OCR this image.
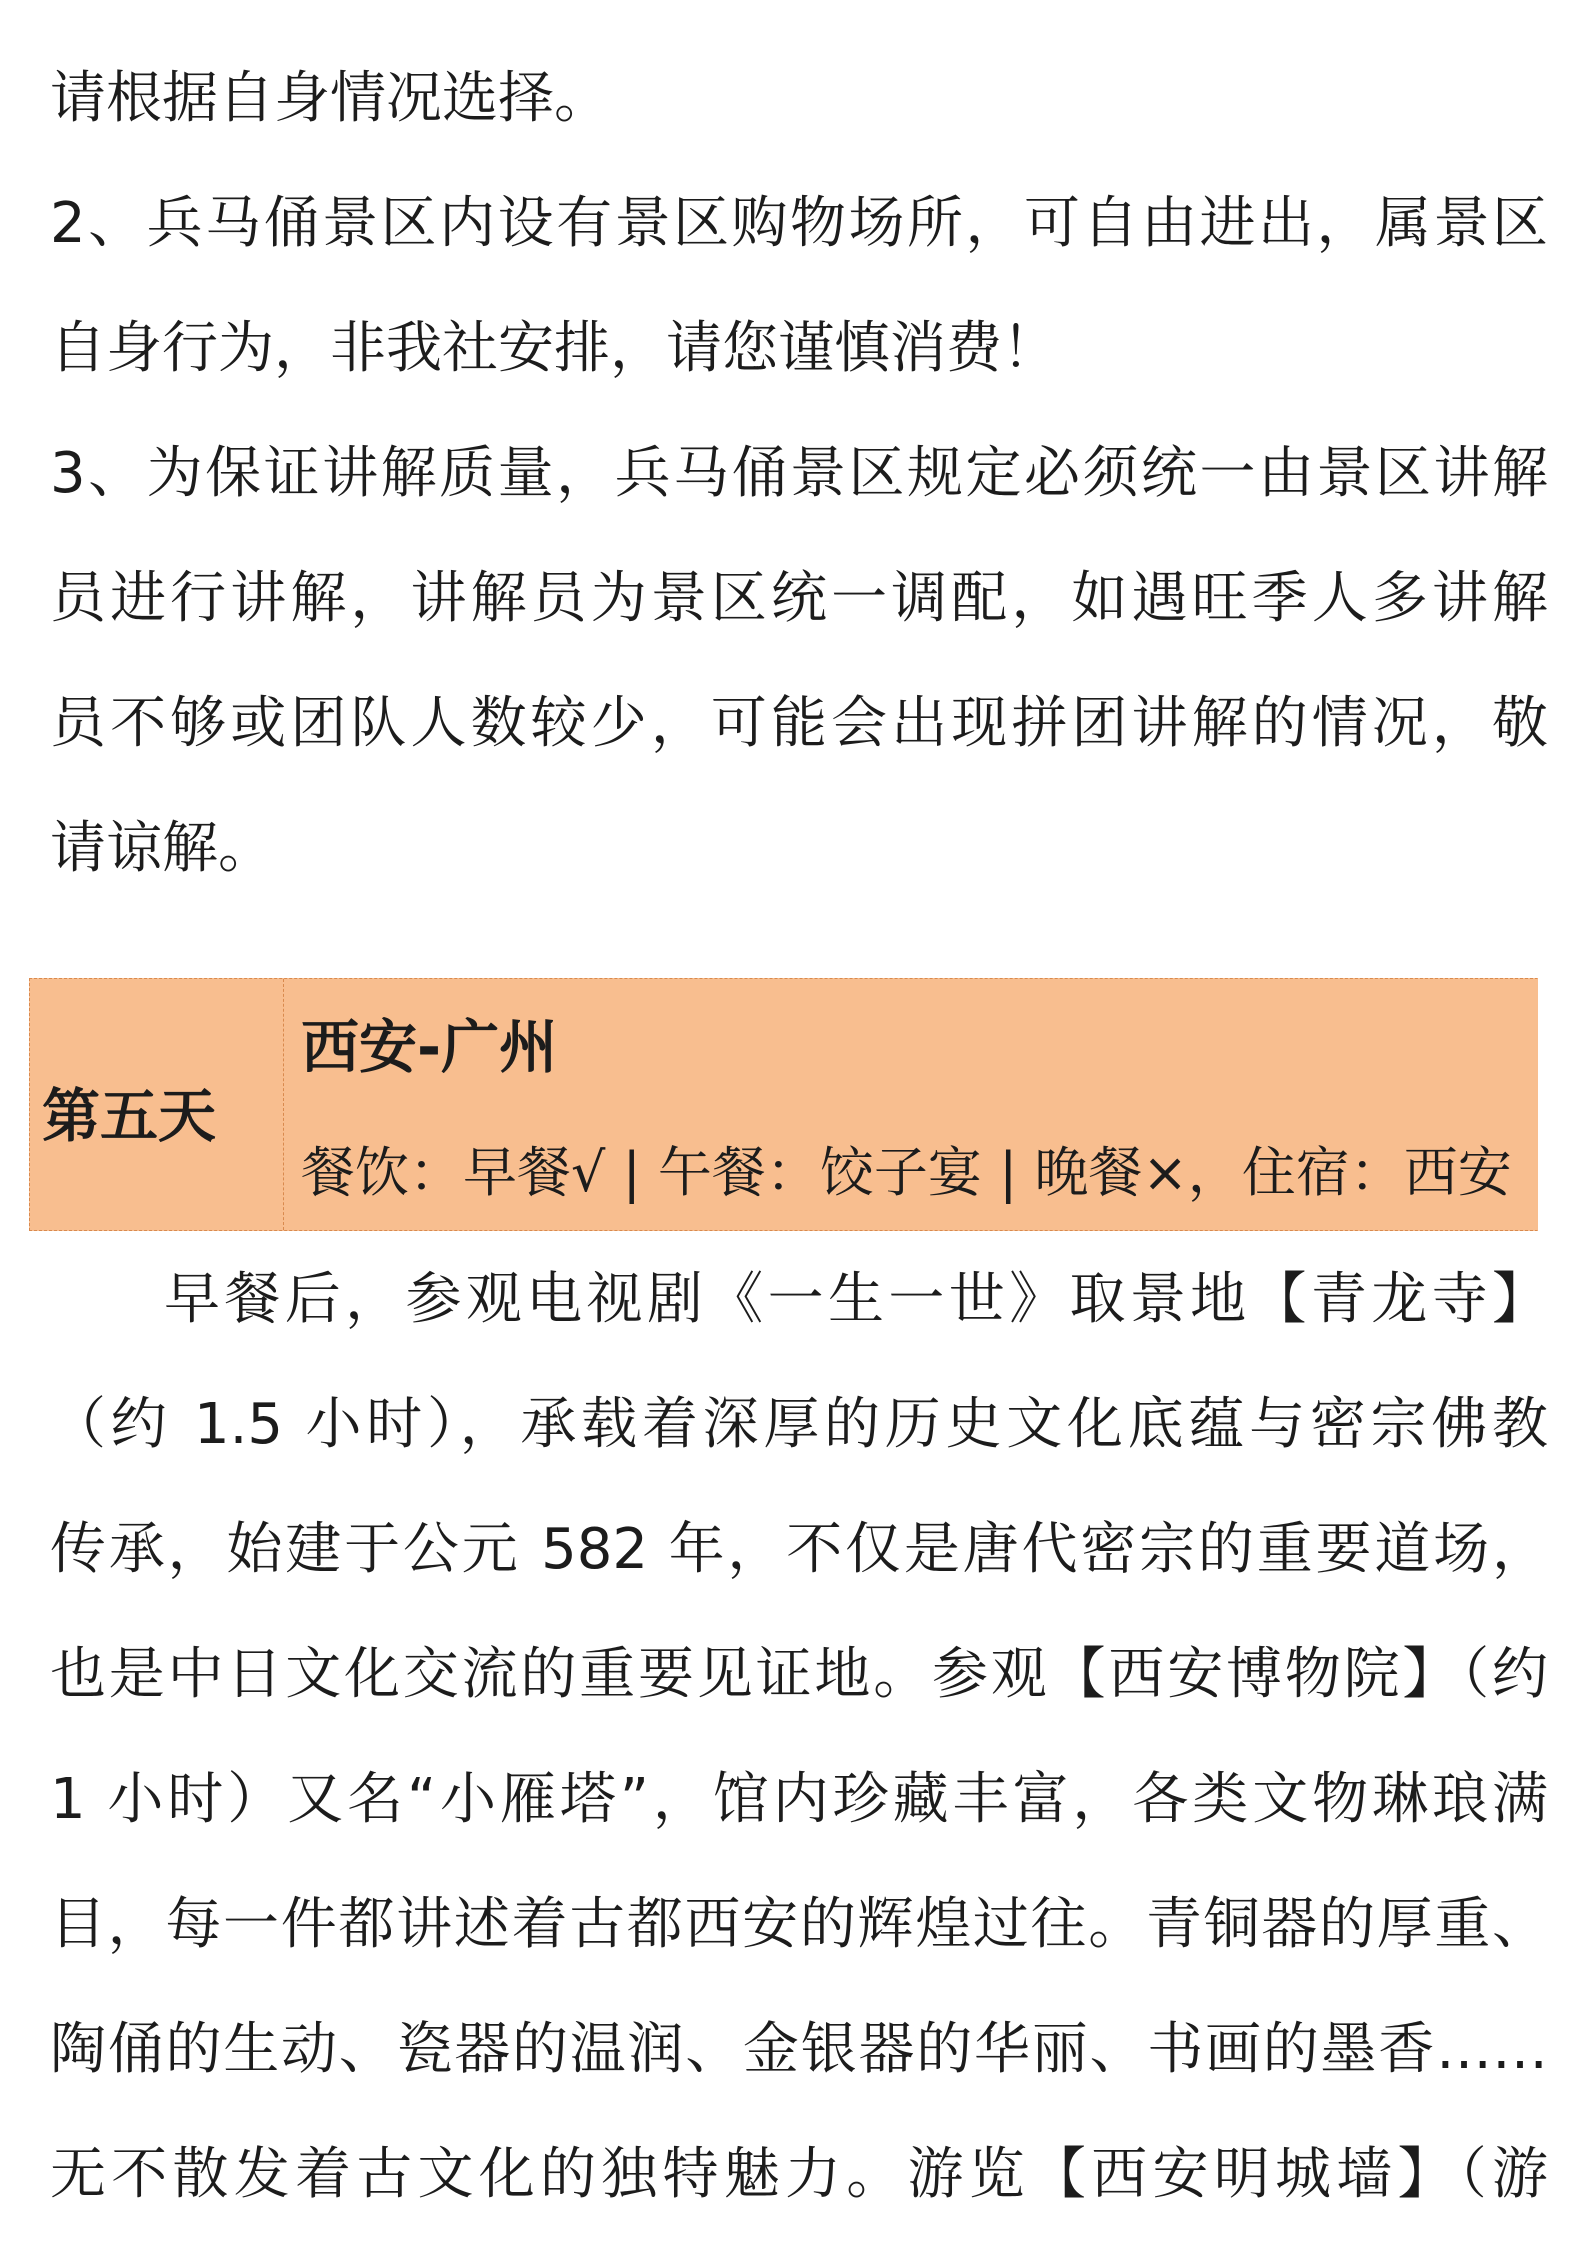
请根据自身情况选择。
2、兵马俑景区内设有景区购物场所，可自由进出，属景区
自身行为，非我社安排，请您谨慎消费！
3、为保证讲解质量，兵马俑景区规定必须统一由景区讲解
员进行讲解，讲解员为景区统一调配，如遇旺季人多讲解
员不够或团队人数较少，可能会出现拼团讲解的情况，敬
请谅解。
第五天
西安-广州
餐饮：早餐√ | 午餐：饺子宴 | 晚餐×，住宿：西安
早餐后，参观电视剧《一生一世》取景地【青龙寺】
（约 1.5 小时），承载着深厚的历史文化底蕴与密宗佛教
传承，始建于公元 582 年，不仅是唐代密宗的重要道场，
也是中日文化交流的重要见证地。参观【西安博物院】（约
1 小时）又名“小雁塔”，馆内珍藏丰富，各类文物琳琅满
目，每一件都讲述着古都西安的辉煌过往。青铜器的厚重、
陶俑的生动、瓷器的温润、金银器的华丽、书画的墨香……
无不散发着古文化的独特魅力。游览【西安明城墙】（游
